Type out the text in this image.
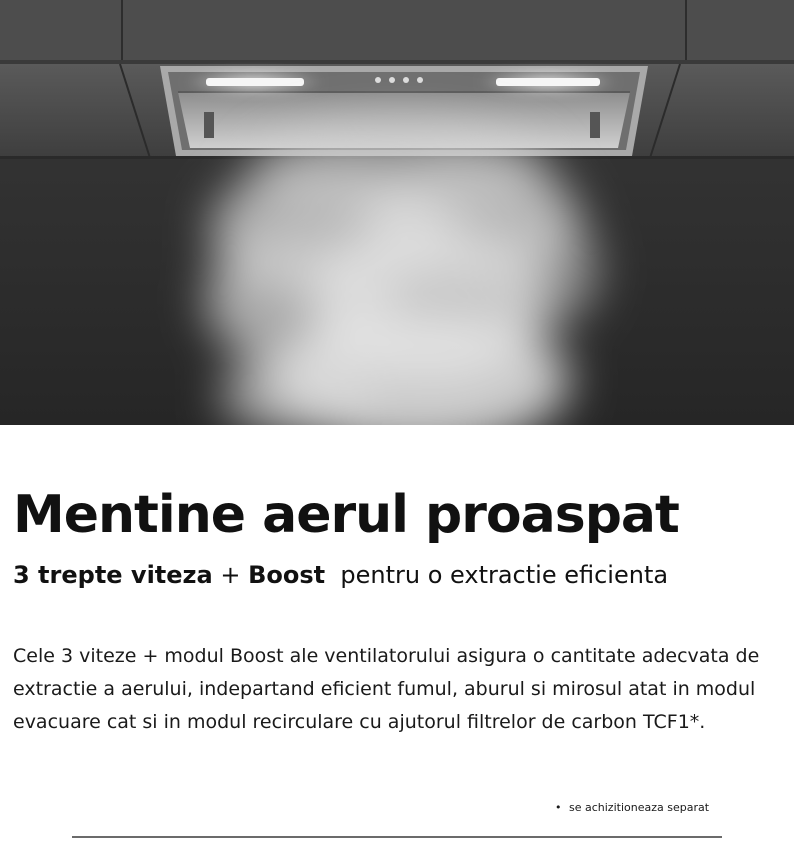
Mentine aerul proaspat

3 trepte viteza + Boost  pentru o extractie eficienta

Cele 3 viteze + modul Boost ale ventilatorului asigura o cantitate adecvata de extractie a aerului, indepartand eficient fumul, aburul si mirosul atat in modul evacuare cat si in modul recirculare cu ajutorul filtrelor de carbon TCF1*.

• se achizitioneaza separat
